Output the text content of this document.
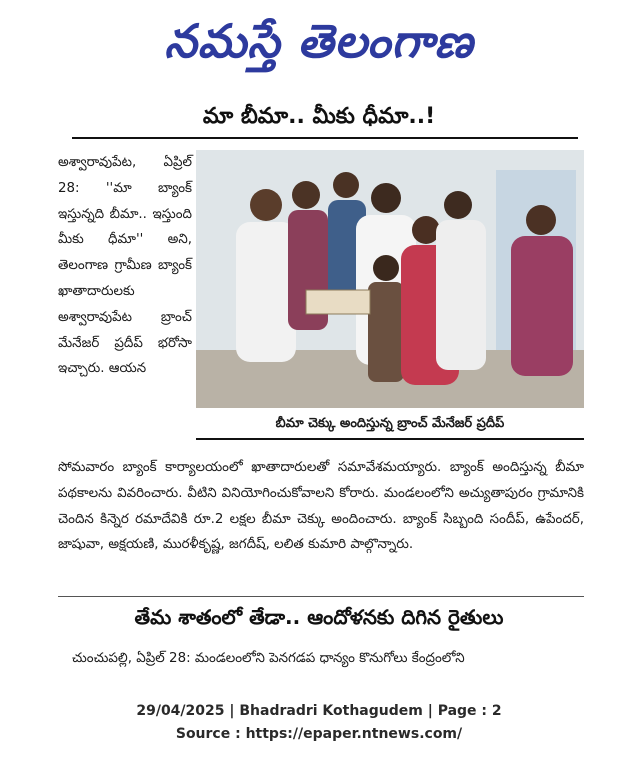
నమస్తే తెలంగాణ
మా బీమా.. మీకు ధీమా..!
అశ్వారావుపేట, ఏప్రిల్ 28: ''మా బ్యాంక్ ఇస్తున్నది బీమా.. ఇస్తుంది మీకు ధీమా'' అని, తెలంగాణ గ్రామీణ బ్యాంక్ ఖాతాదారులకు అశ్వారావుపేట బ్రాంచ్ మేనేజర్ ప్రదీప్ భరోసా ఇచ్చారు. ఆయన
బీమా చెక్కు అందిస్తున్న బ్రాంచ్ మేనేజర్ ప్రదీప్
సోమవారం బ్యాంక్ కార్యాలయంలో ఖాతాదారులతో సమావేశమయ్యారు. బ్యాంక్ అందిస్తున్న బీమా పథకాలను వివరించారు. వీటిని వినియోగించుకోవాలని కోరారు. మండలంలోని అచ్యుతాపురం గ్రామానికి చెందిన కిన్నెర రమాదేవికి రూ.2 లక్షల బీమా చెక్కు అందించారు. బ్యాంక్ సిబ్బంది సందీప్, ఉపేందర్, జాషువా, అక్షయణి, మురళీకృష్ణ, జగదీష్, లలిత కుమారి పాల్గొన్నారు.
తేమ శాతంలో తేడా.. ఆందోళనకు దిగిన రైతులు
చుంచుపల్లి, ఏప్రిల్ 28: మండలంలోని పెనగడప ధాన్యం కొనుగోలు కేంద్రంలోని
29/04/2025 | Bhadradri Kothagudem | Page : 2
Source : https://epaper.ntnews.com/
